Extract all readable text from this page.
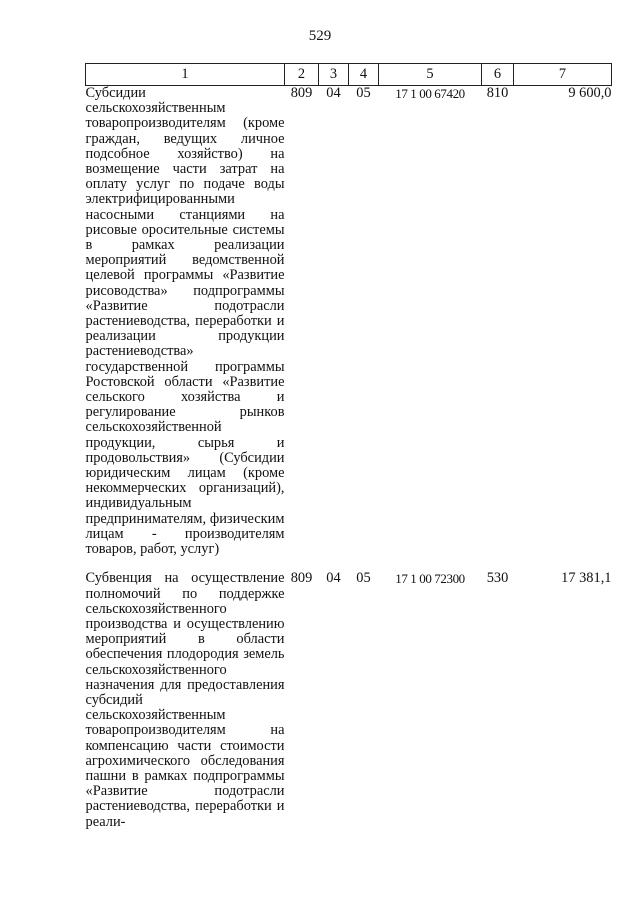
529
1	2	3	4	5	6	7
Субсидии сельскохозяйственным товаропроизводителям (кроме граждан, ведущих личное подсобное хозяйство) на возмещение части затрат на оплату услуг по подаче воды электрифицированными насосными станциями на рисовые оросительные системы в рамках реализации мероприятий ведомственной целевой программы «Развитие рисоводства» подпрограммы «Развитие подотрасли растениеводства, переработки и реализации продукции растениеводства» государственной программы Ростовской области «Развитие сельского хозяйства и регулирование рынков сельскохозяйственной продукции, сырья и продовольствия» (Субсидии юридическим лицам (кроме некоммерческих организаций), индивидуальным предпринимателям, физическим лицам - производителям товаров, работ, услуг)	809	04	05	17 1 00 67420	810	9 600,0
Субвенция на осуществление полномочий по поддержке сельскохозяйственного производства и осуществлению мероприятий в области обеспечения плодородия земель сельскохозяйственного назначения для предоставления субсидий сельскохозяйственным товаропроизводителям на компенсацию части стоимости агрохимического обследования пашни в рамках подпрограммы «Развитие подотрасли растениеводства, переработки и реали-	809	04	05	17 1 00 72300	530	17 381,1
